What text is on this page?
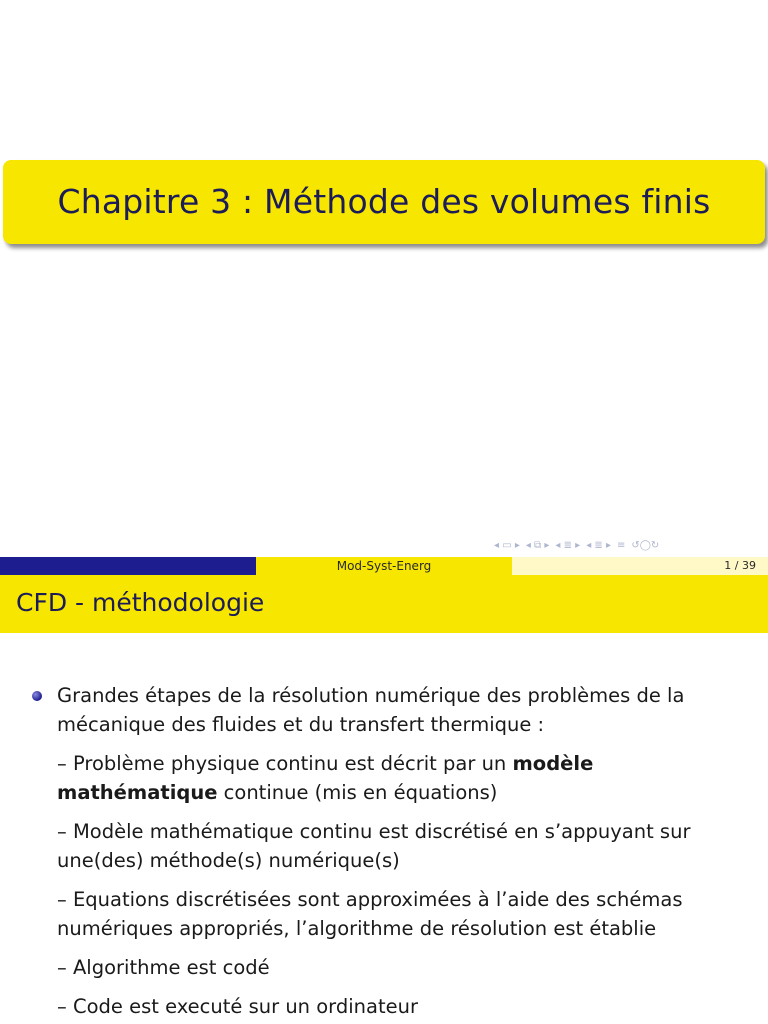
Chapitre 3 : Méthode des volumes finis
◂ ▭ ▸ ◂ ⧉ ▸ ◂ ≣ ▸ ◂ ≣ ▸ ≡ ↺◯↻
Mod-Syst-Energ	1 / 39
CFD - méthodologie
Grandes étapes de la résolution numérique des problèmes de la mécanique des fluides et du transfert thermique :
– Problème physique continu est décrit par un modèle mathématique continue (mis en équations)
– Modèle mathématique continu est discrétisé en s’appuyant sur une(des) méthode(s) numérique(s)
– Equations discrétisées sont approximées à l’aide des schémas numériques appropriés, l’algorithme de résolution est établie
– Algorithme est codé
– Code est executé sur un ordinateur
